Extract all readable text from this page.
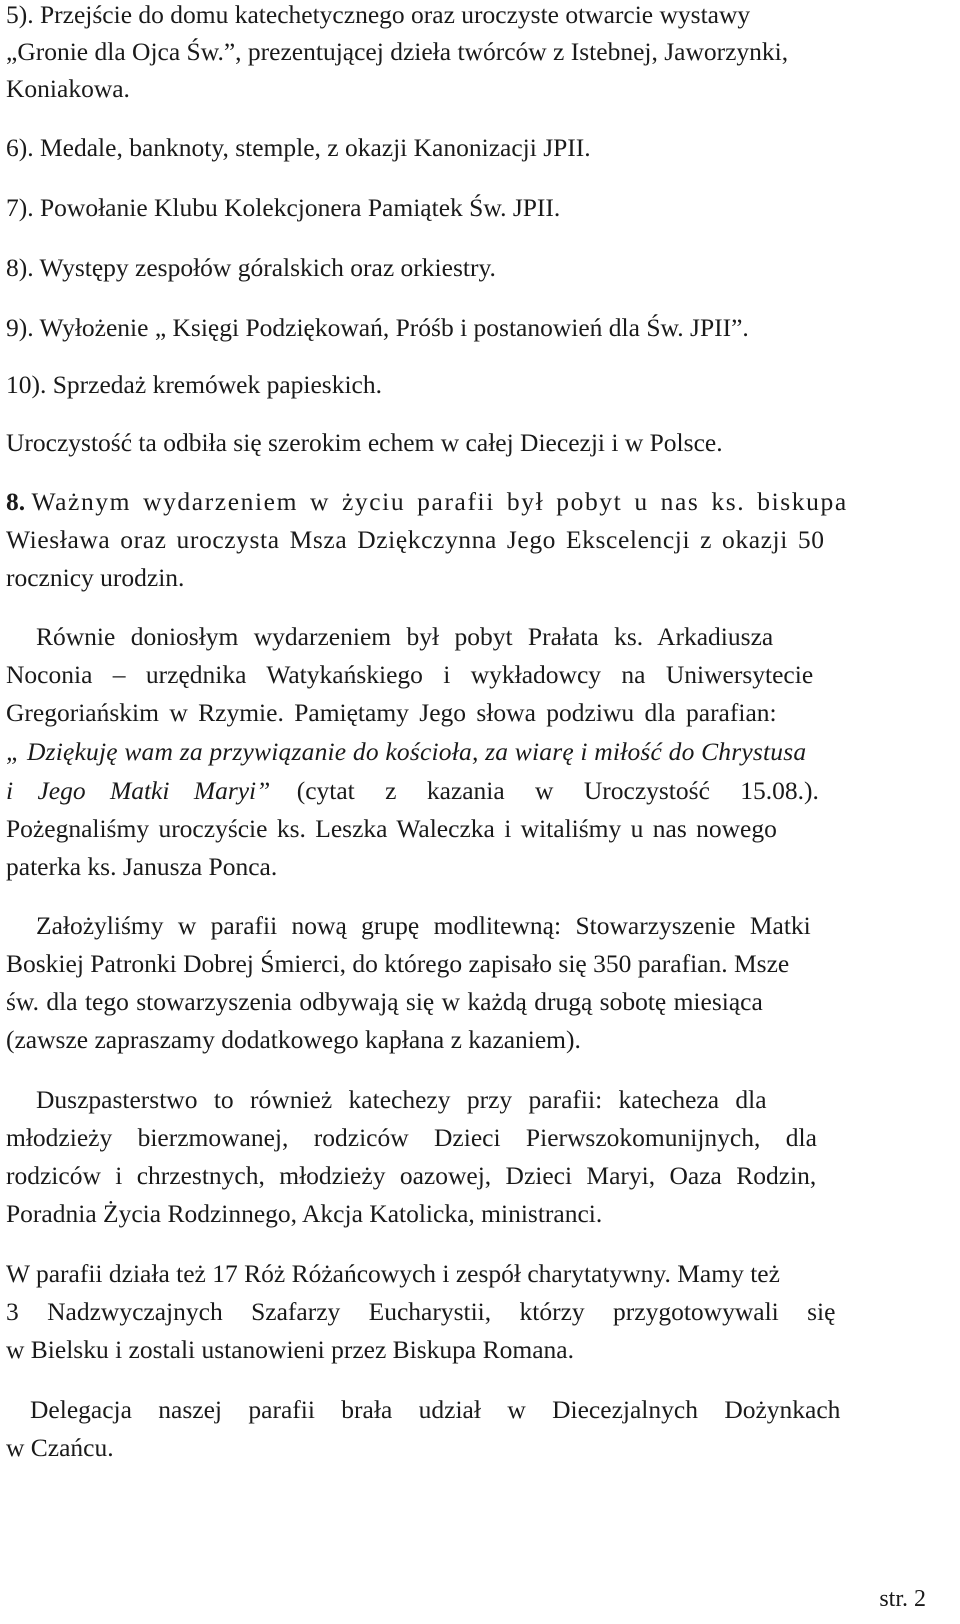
5). Przejście do domu katechetycznego oraz uroczyste otwarcie wystawy
„Gronie dla Ojca Św.”, prezentującej dzieła twórców z Istebnej, Jaworzynki,
Koniakowa.
6). Medale, banknoty, stemple, z okazji Kanonizacji JPII.
7). Powołanie Klubu Kolekcjonera Pamiątek Św. JPII.
8). Występy zespołów góralskich oraz orkiestry.
9). Wyłożenie „ Księgi Podziękowań, Próśb i postanowień dla Św. JPII”.
10). Sprzedaż kremówek papieskich.
Uroczystość ta odbiła się szerokim echem w całej Diecezji i w Polsce.
8. Ważnym wydarzeniem w życiu parafii był pobyt u nas ks. biskupa
Wiesława oraz uroczysta Msza Dziękczynna Jego Ekscelencji z okazji 50
rocznicy urodzin.
Równie doniosłym wydarzeniem był pobyt Prałata ks. Arkadiusza
Noconia – urzędnika Watykańskiego i wykładowcy na Uniwersytecie
Gregoriańskim w Rzymie. Pamiętamy Jego słowa podziwu dla parafian:
„ Dziękuję wam za przywiązanie do kościoła, za wiarę i miłość do Chrystusa
i Jego Matki Maryi” (cytat z kazania w Uroczystość 15.08.).
Pożegnaliśmy uroczyście ks. Leszka Waleczka i witaliśmy u nas nowego
paterka ks. Janusza Ponca.
Założyliśmy w parafii nową grupę modlitewną: Stowarzyszenie Matki
Boskiej Patronki Dobrej Śmierci, do którego zapisało się 350 parafian. Msze
św. dla tego stowarzyszenia odbywają się w każdą drugą sobotę miesiąca
(zawsze zapraszamy dodatkowego kapłana z kazaniem).
Duszpasterstwo to również katechezy przy parafii: katecheza dla
młodzieży bierzmowanej, rodziców Dzieci Pierwszokomunijnych, dla
rodziców i chrzestnych, młodzieży oazowej, Dzieci Maryi, Oaza Rodzin,
Poradnia Życia Rodzinnego, Akcja Katolicka, ministranci.
W parafii działa też 17 Róż Różańcowych i zespół charytatywny. Mamy też
3 Nadzwyczajnych Szafarzy Eucharystii, którzy przygotowywali się
w Bielsku i zostali ustanowieni przez Biskupa Romana.
Delegacja naszej parafii brała udział w Diecezjalnych Dożynkach
w Czańcu.
str. 2
